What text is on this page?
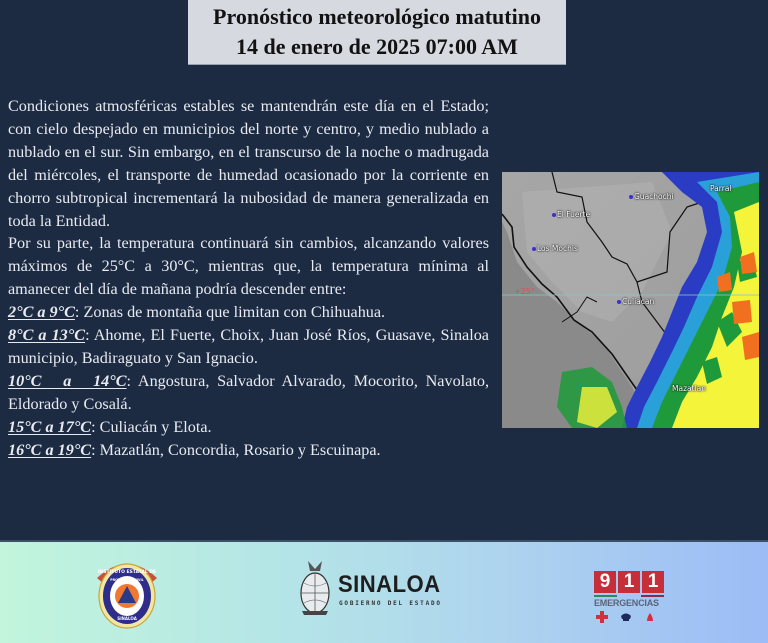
Pronóstico meteorológico matutino
14 de enero de 2025 07:00 AM

Condiciones atmosféricas estables se mantendrán este día en el Estado; con cielo despejado en municipios del norte y centro, y medio nublado a nublado en el sur. Sin embargo, en el transcurso de la noche o madrugada del miércoles, el transporte de humedad ocasionado por la corriente en chorro subtropical incrementará la nubosidad de manera generalizada en toda la Entidad.

Por su parte, la temperatura continuará sin cambios, alcanzando valores máximos de 25°C a 30°C, mientras que, la temperatura mínima al amanecer del día de mañana podría descender entre:

2°C a 9°C: Zonas de montaña que limitan con Chihuahua.

8°C a 13°C: Ahome, El Fuerte, Choix, Juan José Ríos, Guasave, Sinaloa municipio, Badiraguato y San Ignacio.

10°C a 14°C: Angostura, Salvador Alvarado, Mocorito, Navolato, Eldorado y Cosalá.

15°C a 17°C: Culiacán y Elota.

16°C a 19°C: Mazatlán, Concordia, Rosario y Escuinapa.

Guachochi
Parral
El Fuerte
Los Mochis
+25°
Culiacan
Mazatlan
INSTITUTO ESTATAL DE
PROTECCIÓN CIVIL
SINALOA
SINALOA
GOBIERNO DEL ESTADO
9 1 1
EMERGENCIAS
